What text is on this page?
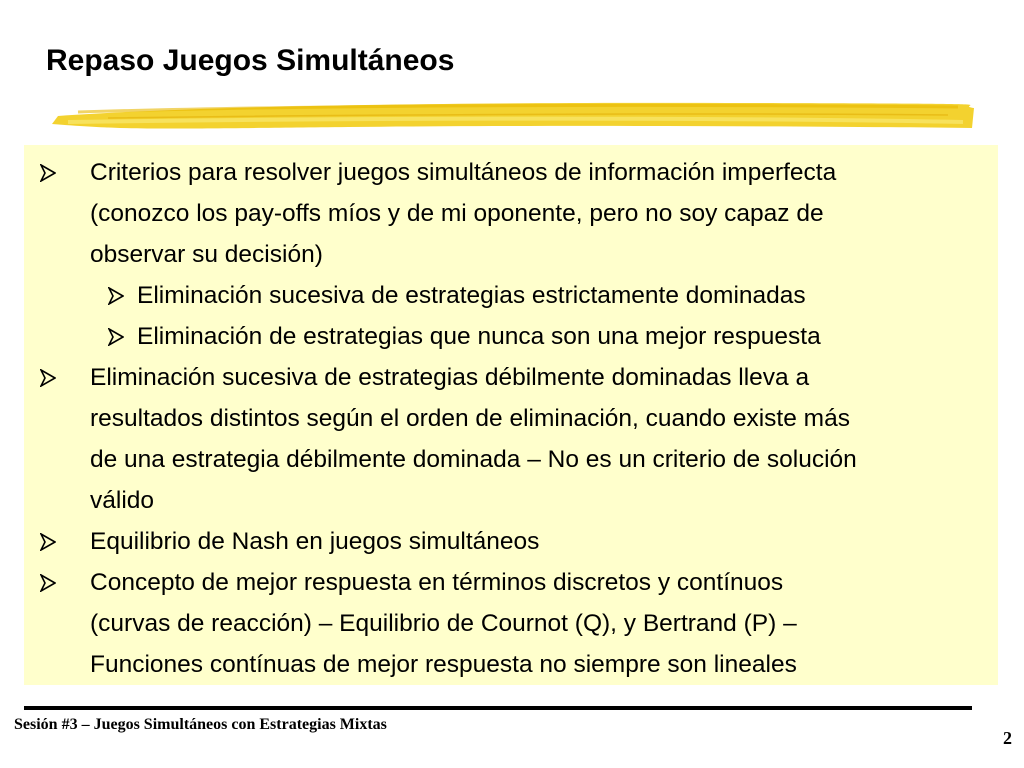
Repaso Juegos Simultáneos
Criterios para resolver juegos simultáneos de información imperfecta
(conozco los pay-offs míos y de mi oponente, pero no soy capaz de
observar su decisión)
Eliminación sucesiva de estrategias estrictamente dominadas
Eliminación de estrategias que nunca son una mejor respuesta
Eliminación sucesiva de estrategias débilmente dominadas lleva a
resultados distintos según el orden de eliminación, cuando existe más
de una estrategia débilmente dominada – No es un criterio de solución
válido
Equilibrio de Nash en juegos simultáneos
Concepto de mejor respuesta en términos discretos y contínuos
(curvas de reacción) – Equilibrio de Cournot (Q), y Bertrand (P) –
Funciones contínuas de mejor respuesta no siempre son lineales
Sesión #3 – Juegos Simultáneos con Estrategias Mixtas
2
